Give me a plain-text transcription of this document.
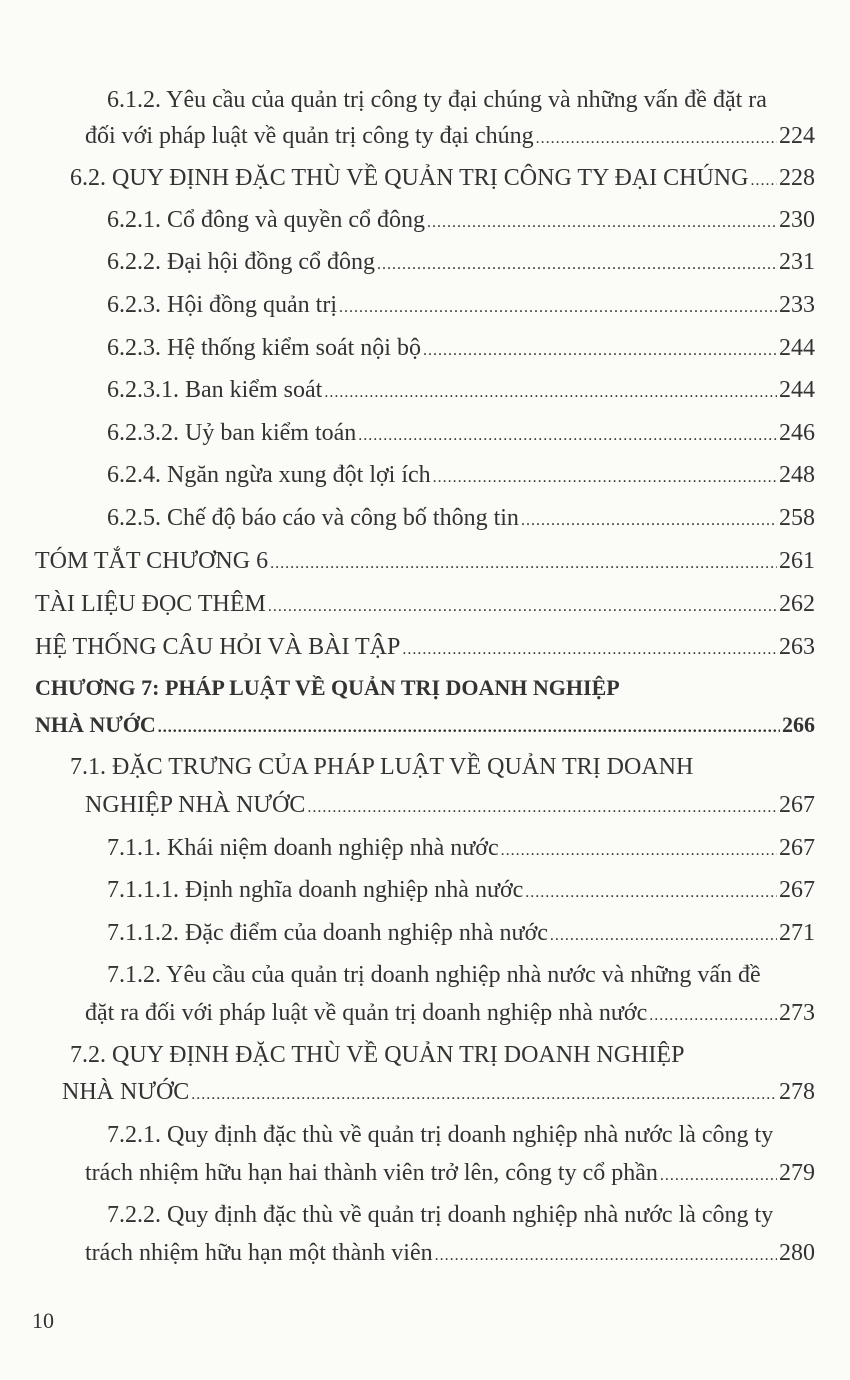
6.1.2. Yêu cầu của quản trị công ty đại chúng và những vấn đề đặt ra
đối với pháp luật về quản trị công ty đại chúng .....	224
6.2. QUY ĐỊNH ĐẶC THÙ VỀ QUẢN TRỊ CÔNG TY ĐẠI CHÚNG ..... 228
6.2.1. Cổ đông và quyền cổ đông .....	230
6.2.2. Đại hội đồng cổ đông .....	231
6.2.3. Hội đồng quản trị .....	233
6.2.3. Hệ thống kiểm soát nội bộ .....	244
6.2.3.1. Ban kiểm soát .....	244
6.2.3.2. Uỷ ban kiểm toán .....	246
6.2.4. Ngăn ngừa xung đột lợi ích .....	248
6.2.5. Chế độ báo cáo và công bố thông tin .....	258
TÓM TẮT CHƯƠNG 6 .....	261
TÀI LIỆU ĐỌC THÊM .....	262
HỆ THỐNG CÂU HỎI VÀ BÀI TẬP .....	263
CHƯƠNG 7: PHÁP LUẬT VỀ QUẢN TRỊ DOANH NGHIỆP
NHÀ NƯỚC .....	266
7.1. ĐẶC TRƯNG CỦA PHÁP LUẬT VỀ QUẢN TRỊ DOANH
NGHIỆP NHÀ NƯỚC .....	267
7.1.1. Khái niệm doanh nghiệp nhà nước .....	267
7.1.1.1. Định nghĩa doanh nghiệp nhà nước .....	267
7.1.1.2. Đặc điểm của doanh nghiệp nhà nước .....	271
7.1.2. Yêu cầu của quản trị doanh nghiệp nhà nước và những vấn đề
đặt ra đối với pháp luật về quản trị doanh nghiệp nhà nước .....	273
7.2. QUY ĐỊNH ĐẶC THÙ VỀ QUẢN TRỊ DOANH NGHIỆP
NHÀ NƯỚC .....	278
7.2.1. Quy định đặc thù về quản trị doanh nghiệp nhà nước là công ty
trách nhiệm hữu hạn hai thành viên trở lên, công ty cổ phần .....	279
7.2.2. Quy định đặc thù về quản trị doanh nghiệp nhà nước là công ty
trách nhiệm hữu hạn một thành viên .....	280
10
